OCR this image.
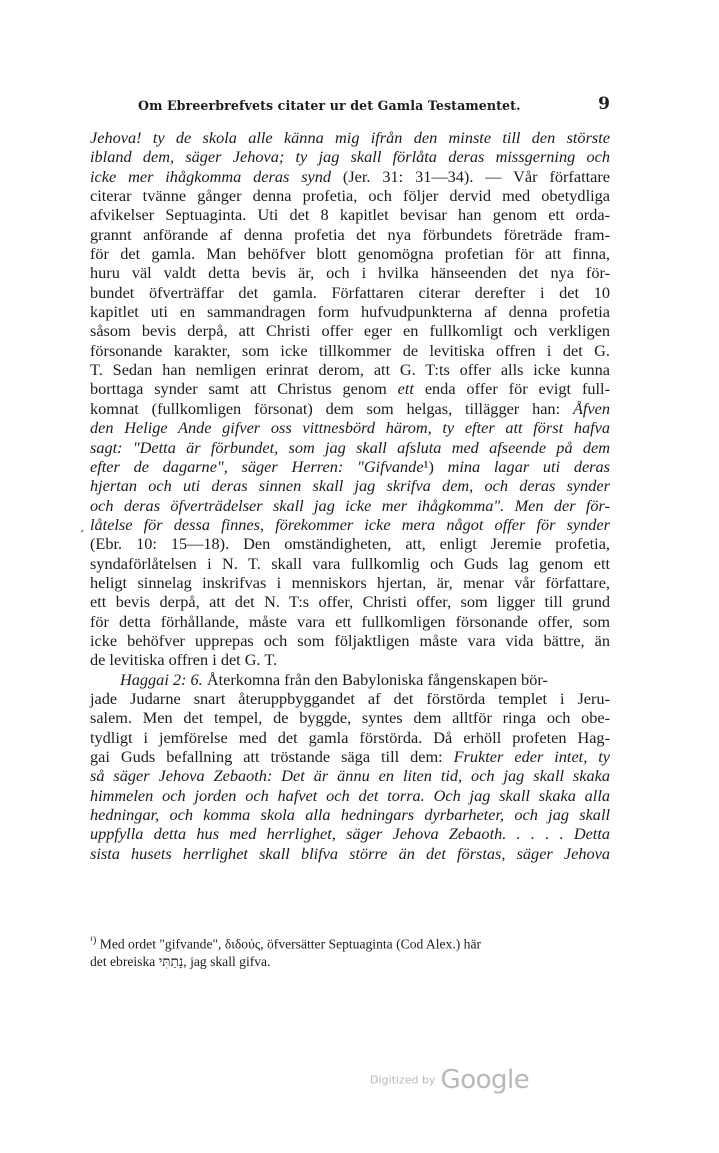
Om Ebreerbrefvets citater ur det Gamla Testamentet.	9
ˊ
Jehova! ty de skola alle känna mig ifrån den minste till den störste
ibland dem, säger Jehova; ty jag skall förlåta deras missgerning och
icke mer ihågkomma deras synd (Jer. 31: 31—34). — Vår författare
citerar tvänne gånger denna profetia, och följer dervid med obetydliga
afvikelser Septuaginta. Uti det 8 kapitlet bevisar han genom ett orda-
grannt anförande af denna profetia det nya förbundets företräde fram-
för det gamla. Man behöfver blott genomögna profetian för att finna,
huru väl valdt detta bevis är, och i hvilka hänseenden det nya för-
bundet öfverträffar det gamla. Författaren citerar derefter i det 10
kapitlet uti en sammandragen form hufvudpunkterna af denna profetia
såsom bevis derpå, att Christi offer eger en fullkomligt och verkligen
försonande karakter, som icke tillkommer de levitiska offren i det G.
T. Sedan han nemligen erinrat derom, att G. T:ts offer alls icke kunna
borttaga synder samt att Christus genom ett enda offer för evigt full-
komnat (fullkomligen försonat) dem som helgas, tillägger han: Åfven
den Helige Ande gifver oss vittnesbörd härom, ty efter att först hafva
sagt: "Detta är förbundet, som jag skall afsluta med afseende på dem
efter de dagarne", säger Herren: "Gifvande¹) mina lagar uti deras
hjertan och uti deras sinnen skall jag skrifva dem, och deras synder
och deras öfverträdelser skall jag icke mer ihågkomma". Men der för-
låtelse för dessa finnes, förekommer icke mera något offer för synder
(Ebr. 10: 15—18). Den omständigheten, att, enligt Jeremie profetia,
syndaförlåtelsen i N. T. skall vara fullkomlig och Guds lag genom ett
heligt sinnelag inskrifvas i menniskors hjertan, är, menar vår författare,
ett bevis derpå, att det N. T:s offer, Christi offer, som ligger till grund
för detta förhållande, måste vara ett fullkomligen försonande offer, som
icke behöfver upprepas och som följaktligen måste vara vida bättre, än
de levitiska offren i det G. T.
Haggai 2: 6. Återkomna från den Babyloniska fångenskapen bör-
jade Judarne snart återuppbyggandet af det förstörda templet i Jeru-
salem. Men det tempel, de byggde, syntes dem alltför ringa och obe-
tydligt i jemförelse med det gamla förstörda. Då erhöll profeten Hag-
gai Guds befallning att tröstande säga till dem: Frukter eder intet, ty
så säger Jehova Zebaoth: Det är ännu en liten tid, och jag skall skaka
himmelen och jorden och hafvet och det torra. Och jag skall skaka alla
hedningar, och komma skola alla hedningars dyrbarheter, och jag skall
uppfylla detta hus med herrlighet, säger Jehova Zebaoth. . . . . Detta
sista husets herrlighet skall blifva större än det förstas, säger Jehova
$^{^1)}$ Med ordet "gifvande", διδούς, öfversätter Septuaginta (Cod Alex.) här
det ebreiska נָתַתִּי, jag skall gifva.
Digitized by Google
